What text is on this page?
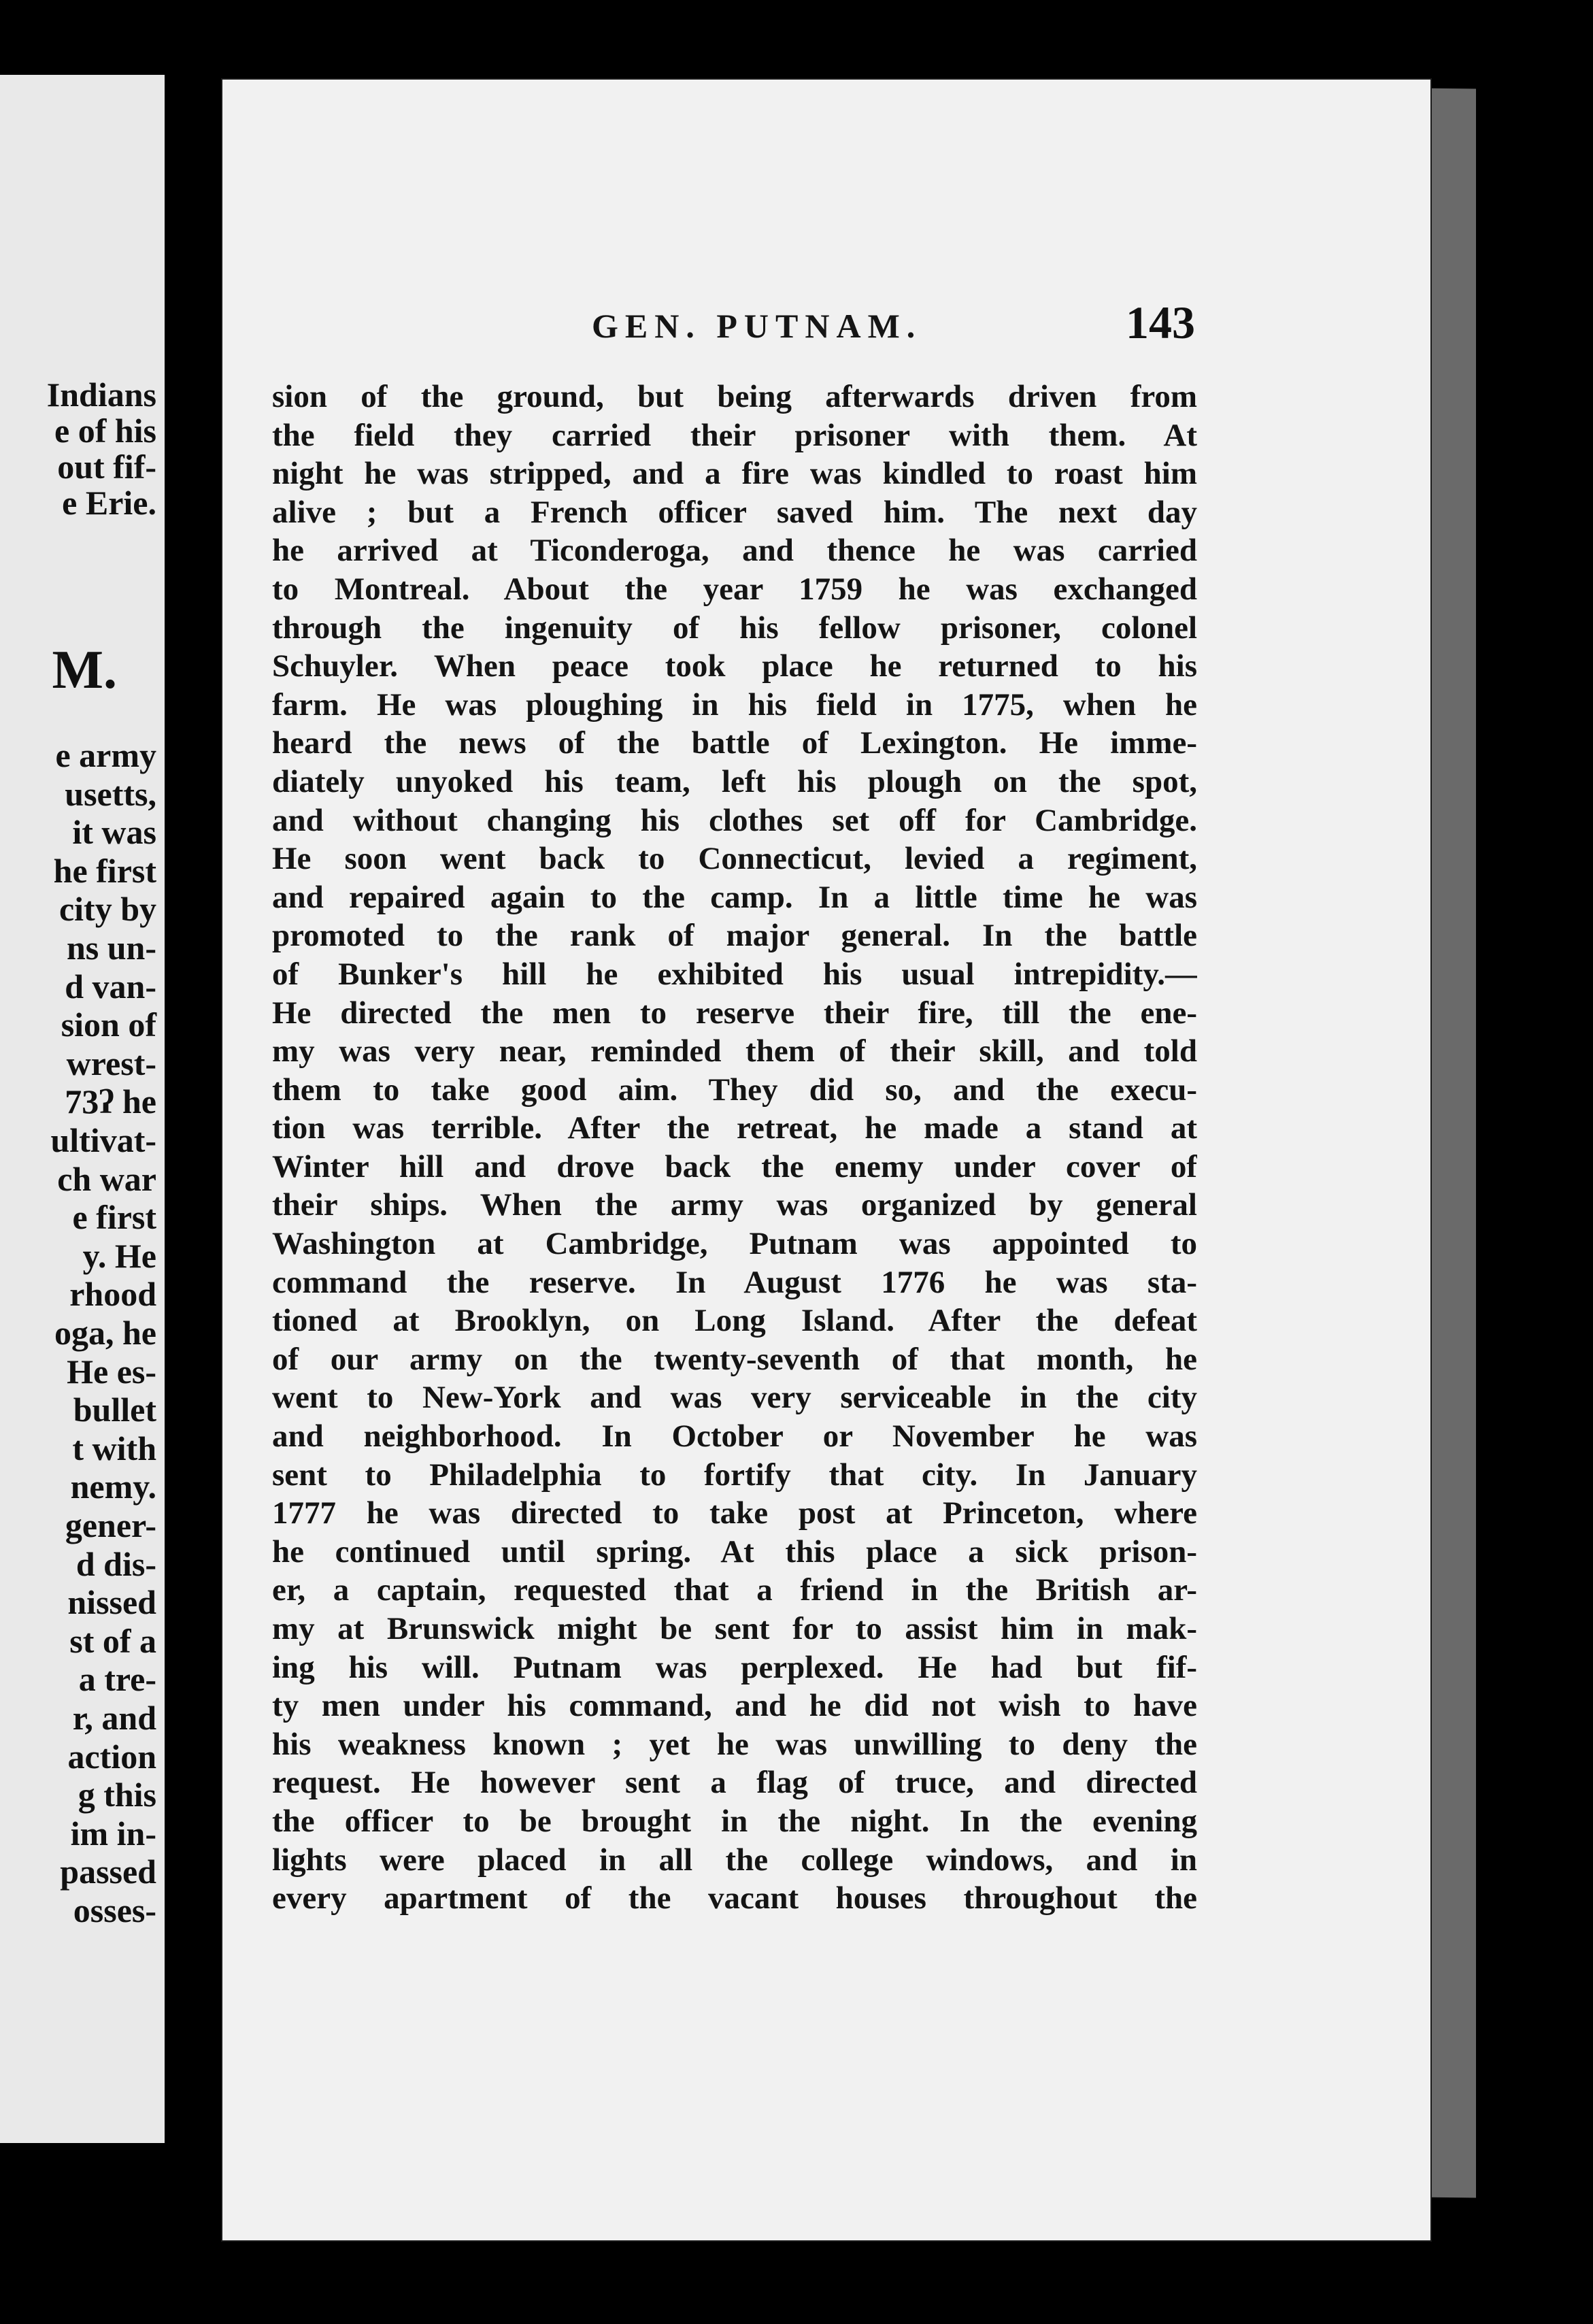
M.
Indians
e of his
out fif-
e Erie.
e army
usetts,
it was
he first
city by
ns un-
d van-
sion of
wrest-
73ʔ he
ultivat-
ch war
e first
y. He
rhood
oga, he
He es-
bullet
t with
nemy.
gener-
d dis-
nissed
st of a
a tre-
r, and
action
g this
im in-
passed
osses-
GEN. PUTNAM.	143
sion of the ground, but being afterwards driven from
the field they carried their prisoner with them. At
night he was stripped, and a fire was kindled to roast him
alive ; but a French officer saved him. The next day
he arrived at Ticonderoga, and thence he was carried
to Montreal. About the year 1759 he was exchanged
through the ingenuity of his fellow prisoner, colonel
Schuyler. When peace took place he returned to his
farm. He was ploughing in his field in 1775, when he
heard the news of the battle of Lexington. He imme-
diately unyoked his team, left his plough on the spot,
and without changing his clothes set off for Cambridge.
He soon went back to Connecticut, levied a regiment,
and repaired again to the camp. In a little time he was
promoted to the rank of major general. In the battle
of Bunker's hill he exhibited his usual intrepidity.—
He directed the men to reserve their fire, till the ene-
my was very near, reminded them of their skill, and told
them to take good aim. They did so, and the execu-
tion was terrible. After the retreat, he made a stand at
Winter hill and drove back the enemy under cover of
their ships. When the army was organized by general
Washington at Cambridge, Putnam was appointed to
command the reserve. In August 1776 he was sta-
tioned at Brooklyn, on Long Island. After the defeat
of our army on the twenty-seventh of that month, he
went to New-York and was very serviceable in the city
and neighborhood. In October or November he was
sent to Philadelphia to fortify that city. In January
1777 he was directed to take post at Princeton, where
he continued until spring. At this place a sick prison-
er, a captain, requested that a friend in the British ar-
my at Brunswick might be sent for to assist him in mak-
ing his will. Putnam was perplexed. He had but fif-
ty men under his command, and he did not wish to have
his weakness known ; yet he was unwilling to deny the
request. He however sent a flag of truce, and directed
the officer to be brought in the night. In the evening
lights were placed in all the college windows, and in
every apartment of the vacant houses throughout the
